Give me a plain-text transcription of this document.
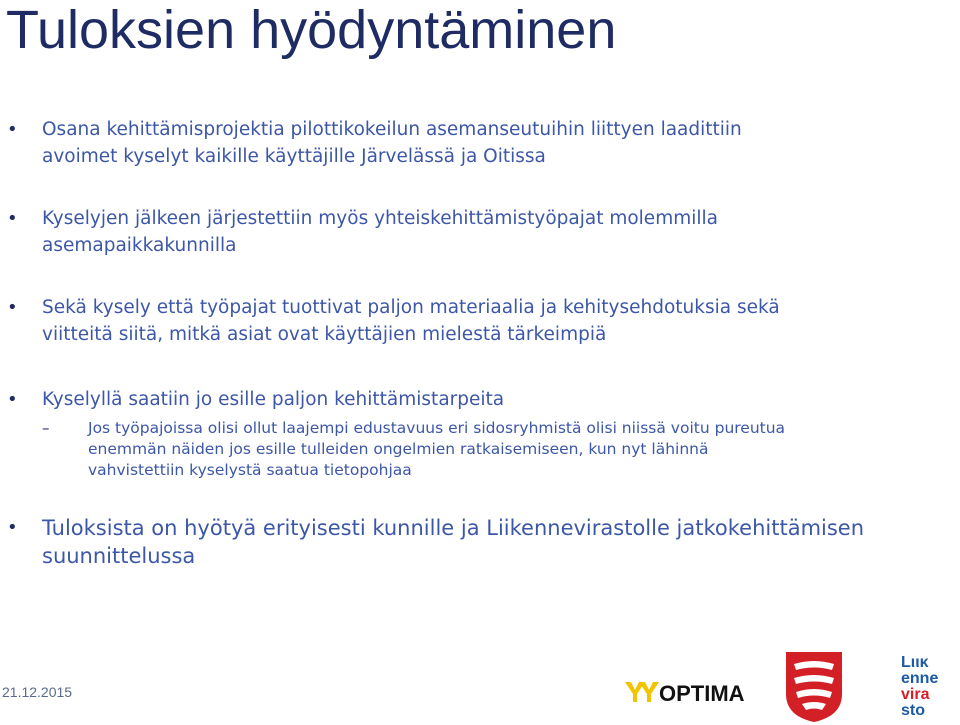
Tuloksien hyödyntäminen
• Osana kehittämisprojektia pilottikokeilun asemanseutuihin liittyen laadittiin
avoimet kyselyt kaikille käyttäjille Järvelässä ja Oitissa
• Kyselyjen jälkeen järjestettiin myös yhteiskehittämistyöpajat molemmilla
asemapaikkakunnilla
• Sekä kysely että työpajat tuottivat paljon materiaalia ja kehitysehdotuksia sekä
viitteitä siitä, mitkä asiat ovat käyttäjien mielestä tärkeimpiä
• Kyselyllä saatiin jo esille paljon kehittämistarpeita
–	Jos työpajoissa olisi ollut laajempi edustavuus eri sidosryhmistä olisi niissä voitu pureutua
enemmän näiden jos esille tulleiden ongelmien ratkaisemiseen, kun nyt lähinnä
vahvistettiin kyselystä saatua tietopohjaa
• Tuloksista on hyötyä erityisesti kunnille ja Liikennevirastolle jatkokehittämisen
suunnittelussa
21.12.2015	OPTIMA
Lιικ
enne
vira
sto
